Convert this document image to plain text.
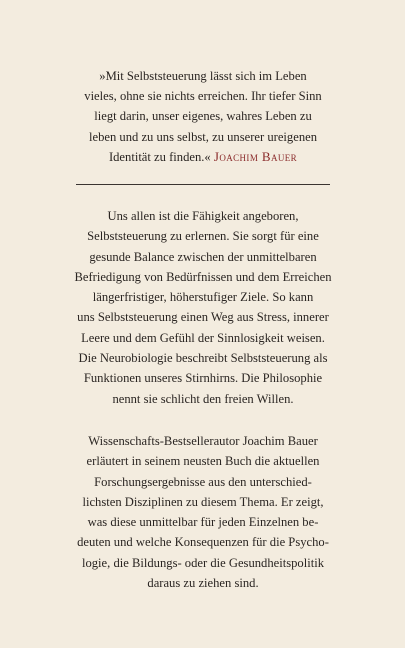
»Mit Selbststeuerung lässt sich im Leben
vieles, ohne sie nichts erreichen. Ihr tiefer Sinn
liegt darin, unser eigenes, wahres Leben zu
leben und zu uns selbst, zu unserer ureigenen
Identität zu finden.« Joachim Bauer
Uns allen ist die Fähigkeit angeboren,
Selbststeuerung zu erlernen. Sie sorgt für eine
gesunde Balance zwischen der unmittelbaren
Befriedigung von Bedürfnissen und dem Erreichen
längerfristiger, höherstufiger Ziele. So kann
uns Selbststeuerung einen Weg aus Stress, innerer
Leere und dem Gefühl der Sinnlosigkeit weisen.
Die Neurobiologie beschreibt Selbststeuerung als
Funktionen unseres Stirnhirns. Die Philosophie
nennt sie schlicht den freien Willen.
Wissenschafts-Bestsellerautor Joachim Bauer
erläutert in seinem neusten Buch die aktuellen
Forschungsergebnisse aus den unterschied-
lichsten Disziplinen zu diesem Thema. Er zeigt,
was diese unmittelbar für jeden Einzelnen be-
deuten und welche Konsequenzen für die Psycho-
logie, die Bildungs- oder die Gesundheitspolitik
daraus zu ziehen sind.
